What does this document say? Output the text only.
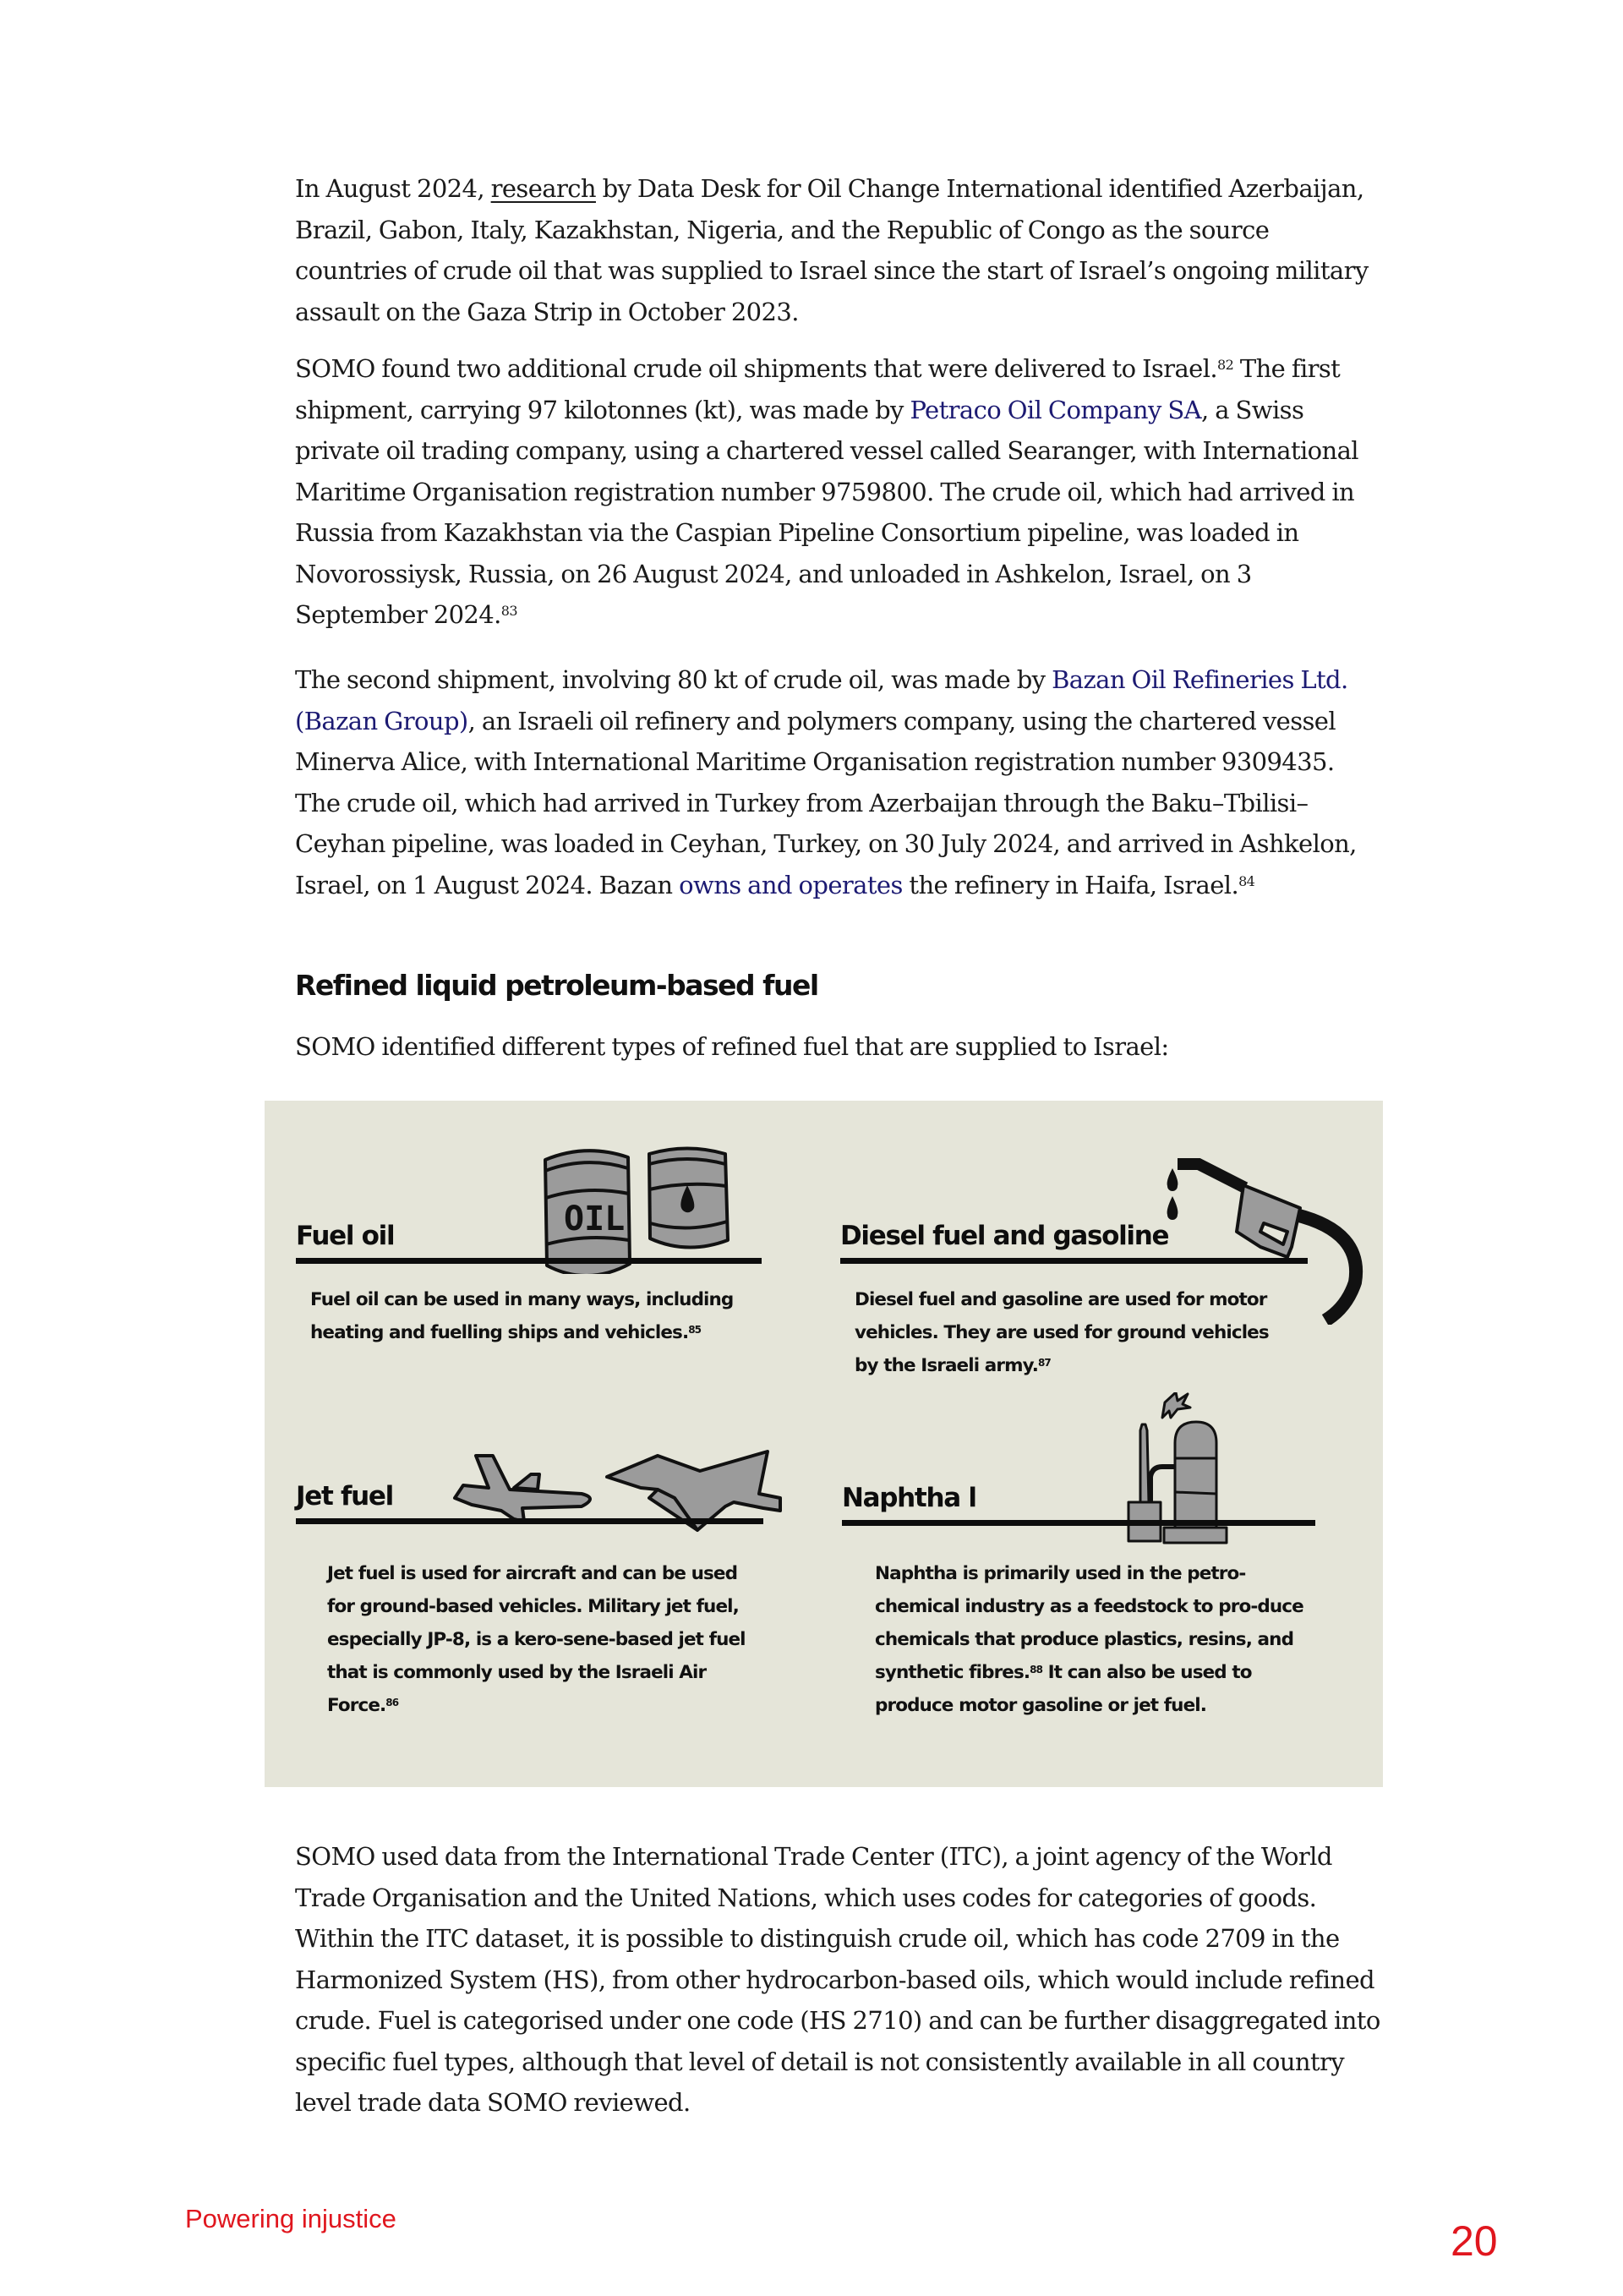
In August 2024, research by Data Desk for Oil Change International identified Azerbaijan, Brazil, Gabon, Italy, Kazakhstan, Nigeria, and the Republic of Congo as the source countries of crude oil that was supplied to Israel since the start of Israel’s ongoing military assault on the Gaza Strip in October 2023.

SOMO found two additional crude oil shipments that were delivered to Israel.$^{82}$ The first shipment, carrying 97 kilotonnes (kt), was made by Petraco Oil Company SA, a Swiss private oil trading company, using a chartered vessel called Searanger, with International Maritime Organisation registration number 9759800. The crude oil, which had arrived in Russia from Kazakhstan via the Caspian Pipeline Consortium pipeline, was loaded in Novorossiysk, Russia, on 26 August 2024, and unloaded in Ashkelon, Israel, on 3 September 2024.83

The second shipment, involving 80 kt of crude oil, was made by Bazan Oil Refineries Ltd. (Bazan Group), an Israeli oil refinery and polymers company, using the chartered vessel Minerva Alice, with International Maritime Organisation registration number 9309435. The crude oil, which had arrived in Turkey from Azerbaijan through the Baku–Tbilisi–Ceyhan pipeline, was loaded in Ceyhan, Turkey, on 30 July 2024, and arrived in Ashkelon, Israel, on 1 August 2024. Bazan owns and operates the refinery in Haifa, Israel.$^{84}$

Refined liquid petroleum-based fuel

SOMO identified different types of refined fuel that are supplied to Israel:

OIL
Fuel oil
Fuel oil can be used in many ways, including heating and fuelling ships and vehicles.$^{85}$
Diesel fuel and gasoline
Diesel fuel and gasoline are used for motor vehicles. They are used for ground vehicles by the Israeli army.$^{87}$
Jet fuel
Jet fuel is used for aircraft and can be used for ground-based vehicles. Military jet fuel, especially JP-8, is a kero-sene-based jet fuel that is commonly used by the Israeli Air Force.$^{86}$
Naphtha l
Naphtha is primarily used in the petro-chemical industry as a feedstock to pro-duce chemicals that produce plastics, resins, and synthetic fibres.$^{88}$ It can also be used to produce motor gasoline or jet fuel.

SOMO used data from the International Trade Center (ITC), a joint agency of the World Trade Organisation and the United Nations, which uses codes for categories of goods. Within the ITC dataset, it is possible to distinguish crude oil, which has code 2709 in the Harmonized System (HS), from other hydrocarbon-based oils, which would include refined crude. Fuel is categorised under one code (HS 2710) and can be further disaggregated into specific fuel types, although that level of detail is not consistently available in all country level trade data SOMO reviewed.

Powering injustice	20
